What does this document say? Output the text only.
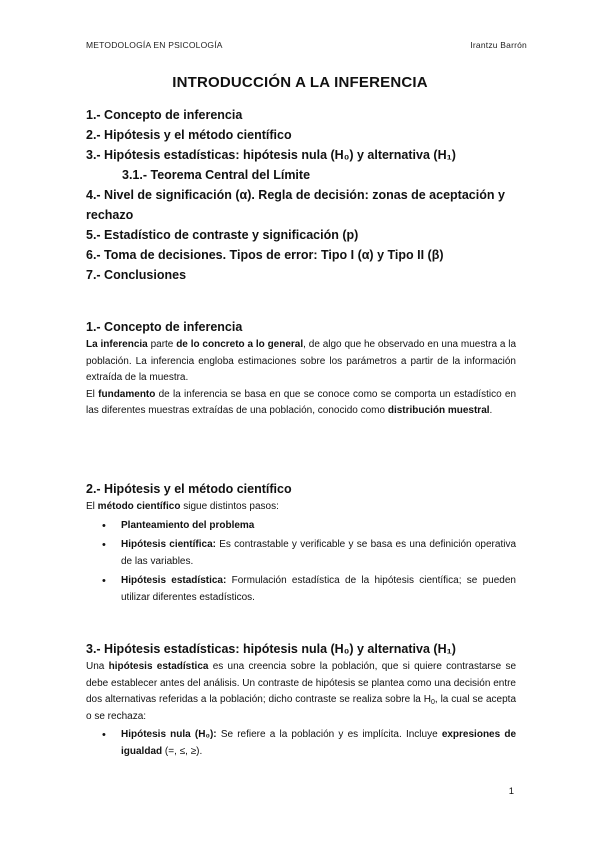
METODOLOGÍA EN PSICOLOGÍA	Irantzu Barrón
INTRODUCCIÓN A LA INFERENCIA
1.- Concepto de inferencia
2.- Hipótesis y el método científico
3.- Hipótesis estadísticas: hipótesis nula (H₀) y alternativa (H₁)
3.1.- Teorema Central del Límite
4.- Nivel de significación (α). Regla de decisión: zonas de aceptación y rechazo
5.- Estadístico de contraste y significación (p)
6.- Toma de decisiones. Tipos de error: Tipo I (α) y Tipo II (β)
7.- Conclusiones
1.- Concepto de inferencia

La inferencia parte de lo concreto a lo general, de algo que he observado en una muestra a la población. La inferencia engloba estimaciones sobre los parámetros a partir de la información extraída de la muestra.

El fundamento de la inferencia se basa en que se conoce como se comporta un estadístico en las diferentes muestras extraídas de una población, conocido como distribución muestral.

2.- Hipótesis y el método científico

El método científico sigue distintos pasos:

• Planteamiento del problema
• Hipótesis científica: Es contrastable y verificable y se basa es una definición operativa de las variables.
• Hipótesis estadística: Formulación estadística de la hipótesis científica; se pueden utilizar diferentes estadísticos.
3.- Hipótesis estadísticas: hipótesis nula (H₀) y alternativa (H₁)

Una hipótesis estadística es una creencia sobre la población, que si quiere contrastarse se debe establecer antes del análisis. Un contraste de hipótesis se plantea como una decisión entre dos alternativas referidas a la población; dicho contraste se realiza sobre la $H_0$, la cual se acepta o se rechaza:

• Hipótesis nula (H₀): Se refiere a la población y es implícita. Incluye expresiones de igualdad (=, ≤, ≥).
1
